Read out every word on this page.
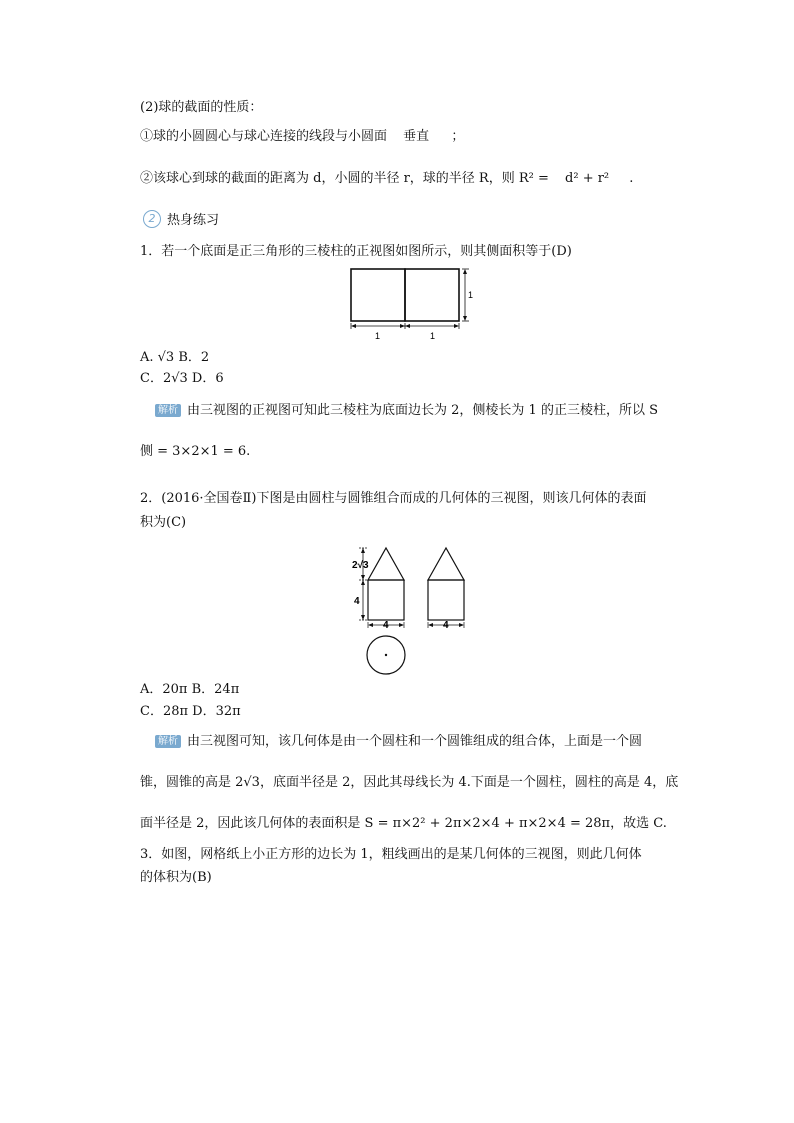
(2)球的截面的性质：
①球的小圆圆心与球心连接的线段与小圆面 垂直 ；
②该球心到球的截面的距离为 d，小圆的半径 r，球的半径 R，则 R² = d² + r² .
2 热身练习
1．若一个底面是正三角形的三棱柱的正视图如图所示，则其侧面积等于(D)
1
1	1
A. √3 B．2
C．2√3 D．6
解析 由三视图的正视图可知此三棱柱为底面边长为 2，侧棱长为 1 的正三棱柱，所以 S
侧 = 3×2×1 = 6.
2．(2016·全国卷Ⅱ)下图是由圆柱与圆锥组合而成的几何体的三视图，则该几何体的表面
积为(C)
2√3
4
4	4
A．20π B．24π
C．28π D．32π
解析 由三视图可知，该几何体是由一个圆柱和一个圆锥组成的组合体，上面是一个圆
锥，圆锥的高是 2√3，底面半径是 2，因此其母线长为 4.下面是一个圆柱，圆柱的高是 4，底
面半径是 2，因此该几何体的表面积是 S = π×2² + 2π×2×4 + π×2×4 = 28π，故选 C.
3．如图，网格纸上小正方形的边长为 1，粗线画出的是某几何体的三视图，则此几何体
的体积为(B)
